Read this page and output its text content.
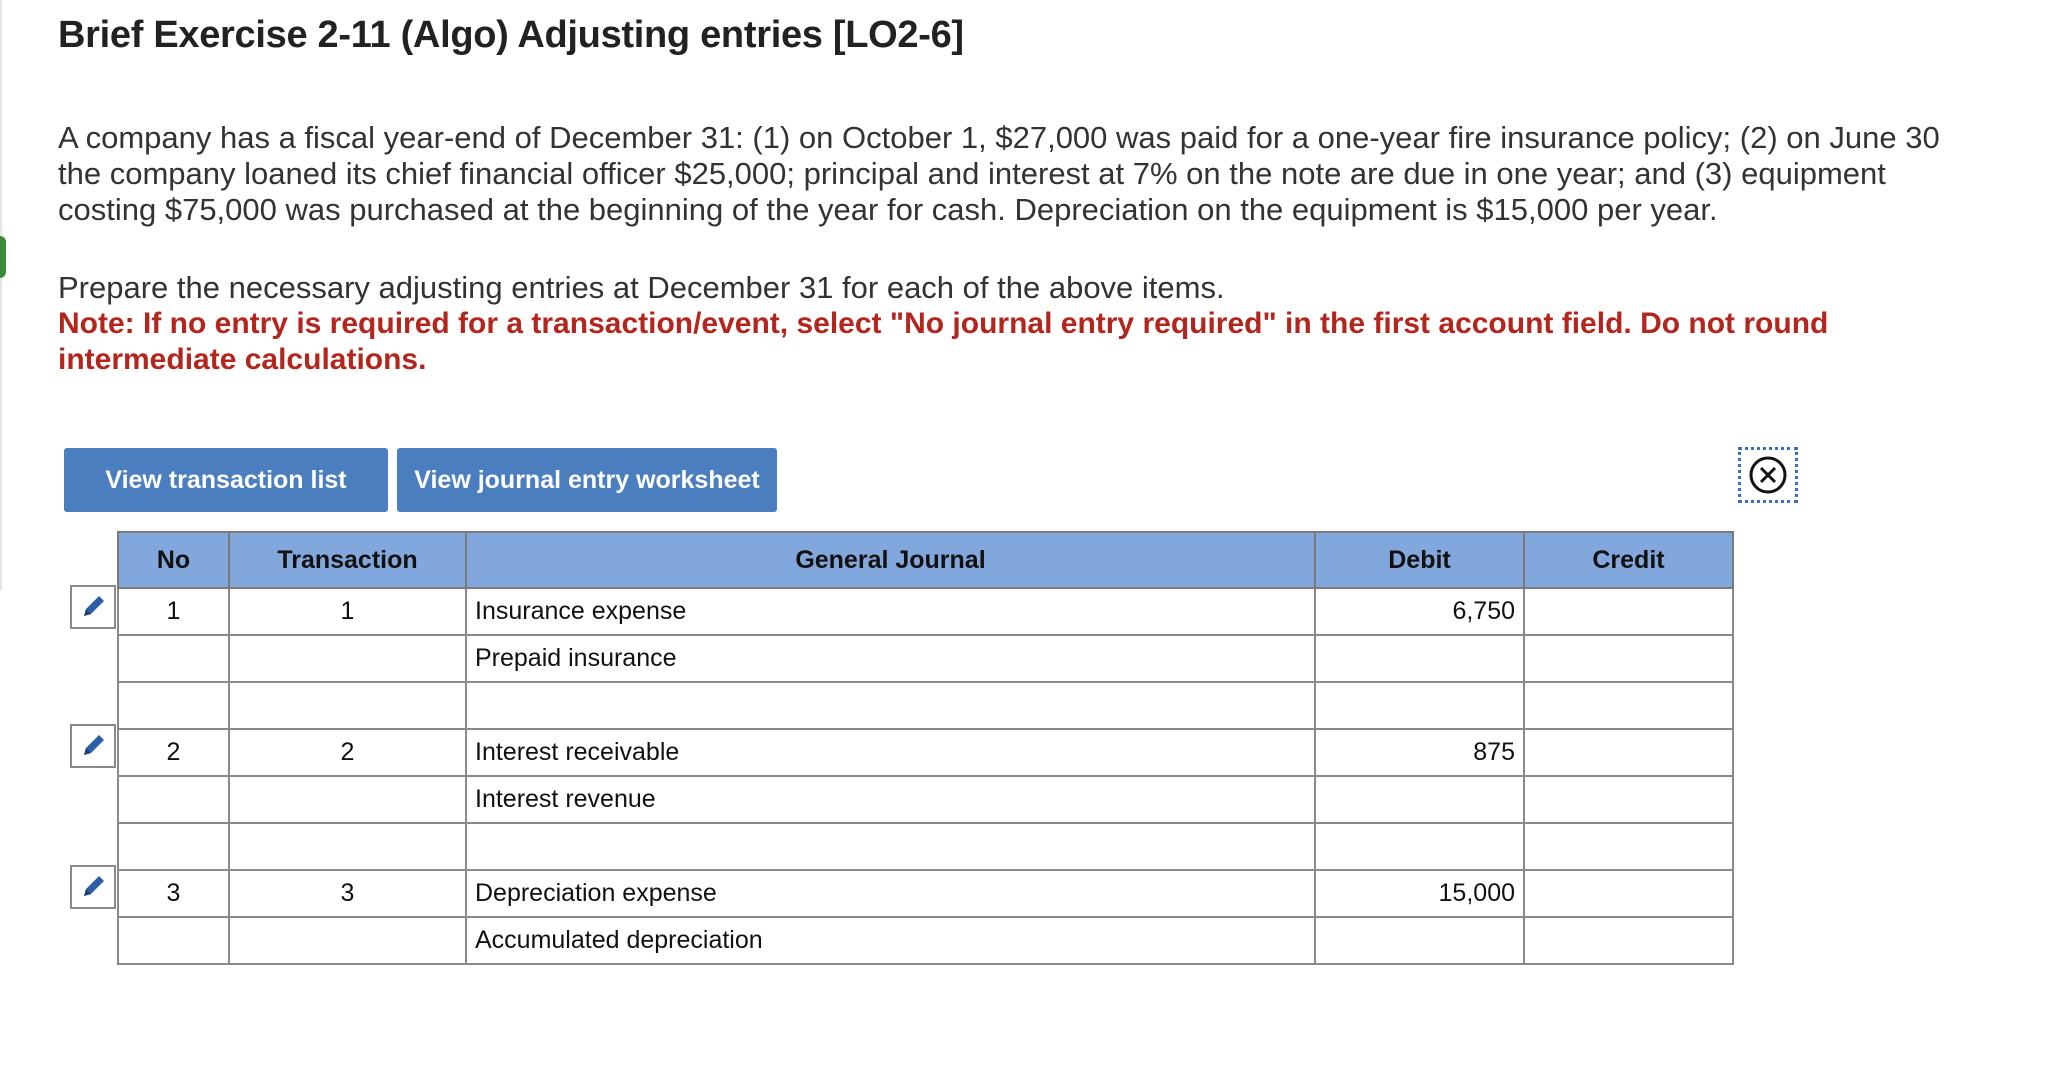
Brief Exercise 2-11 (Algo) Adjusting entries [LO2-6]

A company has a fiscal year-end of December 31: (1) on October 1, $27,000 was paid for a one-year fire insurance policy; (2) on June 30 the company loaned its chief financial officer $25,000; principal and interest at 7% on the note are due in one year; and (3) equipment costing $75,000 was purchased at the beginning of the year for cash. Depreciation on the equipment is $15,000 per year.

Prepare the necessary adjusting entries at December 31 for each of the above items.

Note: If no entry is required for a transaction/event, select "No journal entry required" in the first account field. Do not round intermediate calculations.

View transaction list	View journal entry worksheet
No	Transaction	General Journal	Debit	Credit
1	1	Insurance expense	6,750	
		Prepaid insurance		

2	2	Interest receivable	875	
		Interest revenue		

3	3	Depreciation expense	15,000	
		Accumulated depreciation		
